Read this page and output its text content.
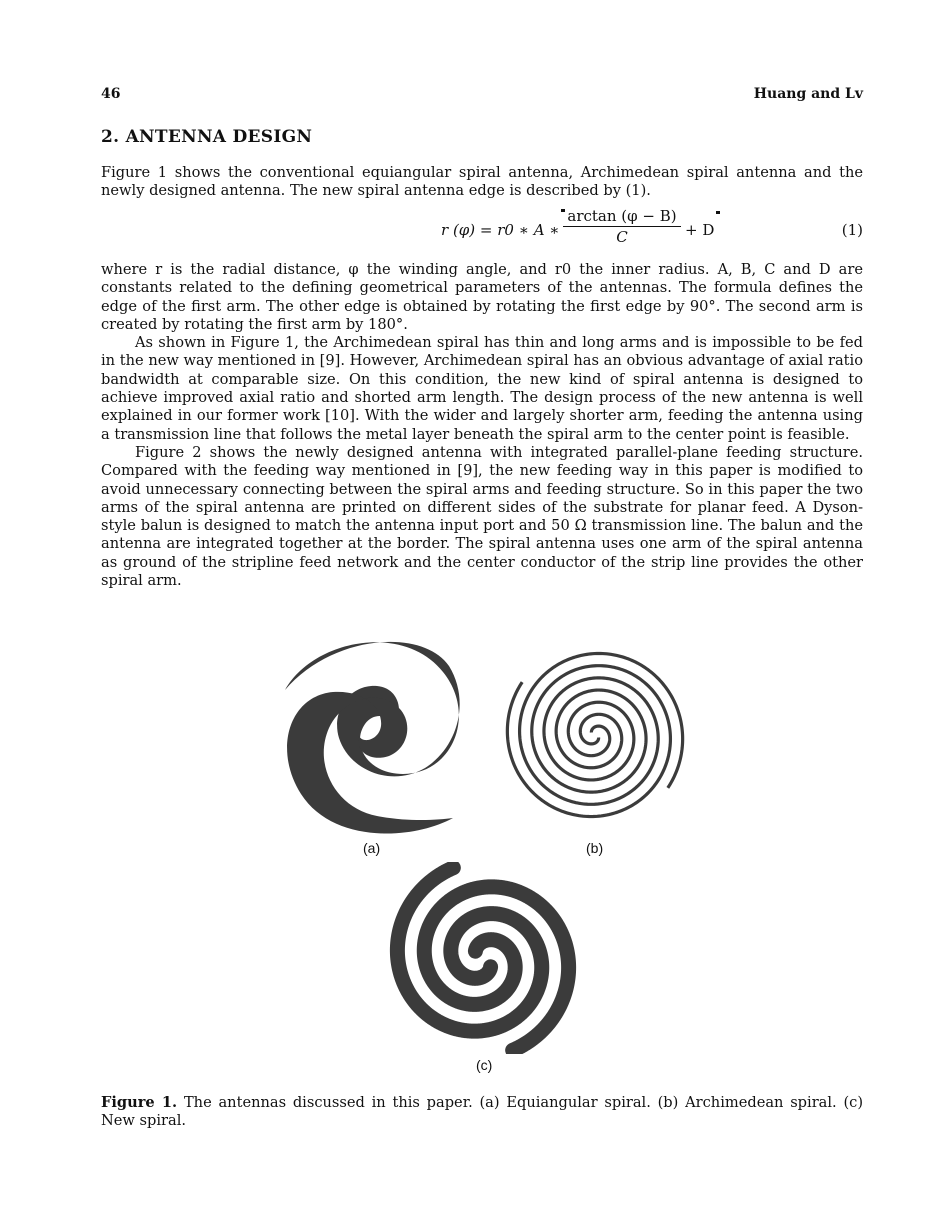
46	Huang and Lv
2. ANTENNA DESIGN
Figure 1 shows the conventional equiangular spiral antenna, Archimedean spiral antenna and the newly designed antenna. The new spiral antenna edge is described by (1).
r (φ) = r0 ∗ A ∗ $\frac{\arctan (\varphi - B)}{C} + D$	(1)
where r is the radial distance, φ the winding angle, and r0 the inner radius. A, B, C and D are constants related to the defining geometrical parameters of the antennas. The formula defines the edge of the first arm. The other edge is obtained by rotating the first edge by 90°. The second arm is created by rotating the first arm by 180°.
As shown in Figure 1, the Archimedean spiral has thin and long arms and is impossible to be fed in the new way mentioned in [9]. However, Archimedean spiral has an obvious advantage of axial ratio bandwidth at comparable size. On this condition, the new kind of spiral antenna is designed to achieve improved axial ratio and shorted arm length. The design process of the new antenna is well explained in our former work [10]. With the wider and largely shorter arm, feeding the antenna using a transmission line that follows the metal layer beneath the spiral arm to the center point is feasible.
Figure 2 shows the newly designed antenna with integrated parallel-plane feeding structure. Compared with the feeding way mentioned in [9], the new feeding way in this paper is modified to avoid unnecessary connecting between the spiral arms and feeding structure. So in this paper the two arms of the spiral antenna are printed on different sides of the substrate for planar feed. A Dyson-style balun is designed to match the antenna input port and 50 Ω transmission line. The balun and the antenna are integrated together at the border. The spiral antenna uses one arm of the spiral antenna as ground of the stripline feed network and the center conductor of the strip line provides the other spiral arm.
(a)	(b)
(c)
Figure 1. The antennas discussed in this paper. (a) Equiangular spiral. (b) Archimedean spiral. (c) New spiral.
